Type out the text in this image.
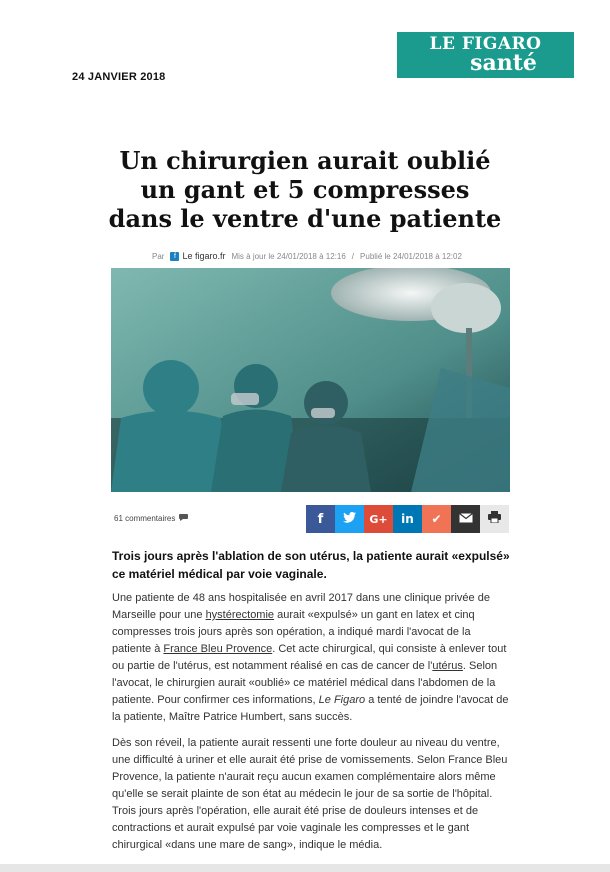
24 JANVIER 2018
LE FIGARO
santé
Un chirurgien aurait oublié
un gant et 5 compresses
dans le ventre d'une patiente
Par	f Le figaro.fr Mis à jour le 24/01/2018 à 12:16 / Publié le 24/01/2018 à 12:02
61 commentaires	f	G+ in ✔

Trois jours après l'ablation de son utérus, la patiente aurait «expulsé» ce matériel médical par voie vaginale.

Une patiente de 48 ans hospitalisée en avril 2017 dans une clinique privée de Marseille pour une hystérectomie aurait «expulsé» un gant en latex et cinq compresses trois jours après son opération, a indiqué mardi l'avocat de la patiente à France Bleu Provence. Cet acte chirurgical, qui consiste à enlever tout ou partie de l'utérus, est notamment réalisé en cas de cancer de l'utérus. Selon l'avocat, le chirurgien aurait «oublié» ce matériel médical dans l'abdomen de la patiente. Pour confirmer ces informations, Le Figaro a tenté de joindre l'avocat de la patiente, Maître Patrice Humbert, sans succès.

Dès son réveil, la patiente aurait ressenti une forte douleur au niveau du ventre, une difficulté à uriner et elle aurait été prise de vomissements. Selon France Bleu Provence, la patiente n'aurait reçu aucun examen complémentaire alors même qu'elle se serait plainte de son état au médecin le jour de sa sortie de l'hôpital. Trois jours après l'opération, elle aurait été prise de douleurs intenses et de contractions et aurait expulsé par voie vaginale les compresses et le gant chirurgical «dans une mare de sang», indique le média.
